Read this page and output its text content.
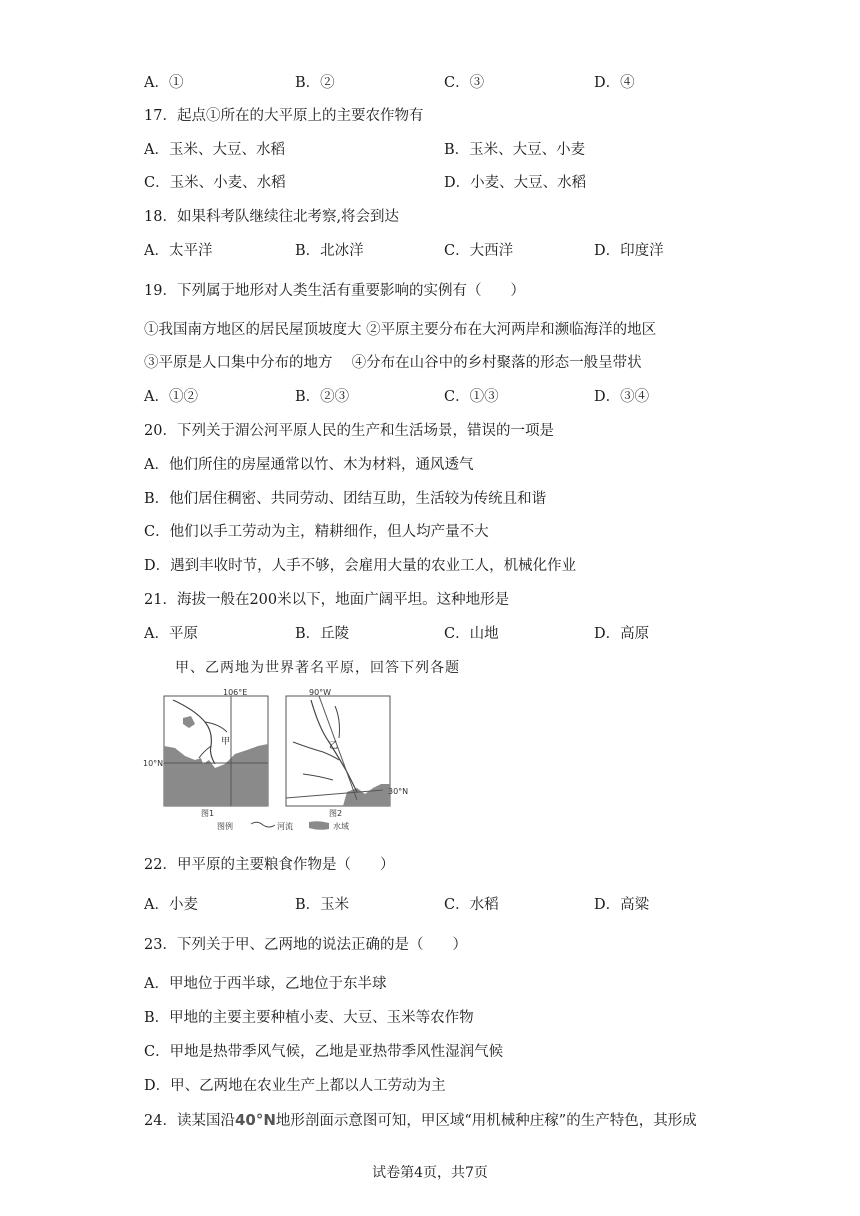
A．①	B．②	C．③	D．④
17．起点①所在的大平原上的主要农作物有
A．玉米、大豆、水稻	B．玉米、大豆、小麦
C．玉米、小麦、水稻	D．小麦、大豆、水稻
18．如果科考队继续往北考察,将会到达
A．太平洋	B．北冰洋	C．大西洋	D．印度洋
19．下列属于地形对人类生活有重要影响的实例有（　　）
①我国南方地区的居民屋顶坡度大 ②平原主要分布在大河两岸和濒临海洋的地区
③平原是人口集中分布的地方　 ④分布在山谷中的乡村聚落的形态一般呈带状
A．①②	B．②③	C．①③	D．③④
20．下列关于湄公河平原人民的生产和生活场景，错误的一项是
A．他们所住的房屋通常以竹、木为材料，通风透气
B．他们居住稠密、共同劳动、团结互助，生活较为传统且和谐
C．他们以手工劳动为主，精耕细作，但人均产量不大
D．遇到丰收时节，人手不够，会雇用大量的农业工人，机械化作业
21．海拔一般在200米以下，地面广阔平坦。这种地形是
A．平原	B．丘陵	C．山地	D．高原
甲、乙两地为世界著名平原，回答下列各题
106°E
10°N
甲
图1
90°W
30°N
乙
图2
图例	河流	水域
22．甲平原的主要粮食作物是（　　）
A．小麦	B．玉米	C．水稻	D．高粱
23．下列关于甲、乙两地的说法正确的是（　　）
A．甲地位于西半球，乙地位于东半球
B．甲地的主要主要种植小麦、大豆、玉米等农作物
C．甲地是热带季风气候，乙地是亚热带季风性湿润气候
D．甲、乙两地在农业生产上都以人工劳动为主
24．读某国沿40°N地形剖面示意图可知，甲区域“用机械种庄稼”的生产特色，其形成
试卷第4页，共7页
